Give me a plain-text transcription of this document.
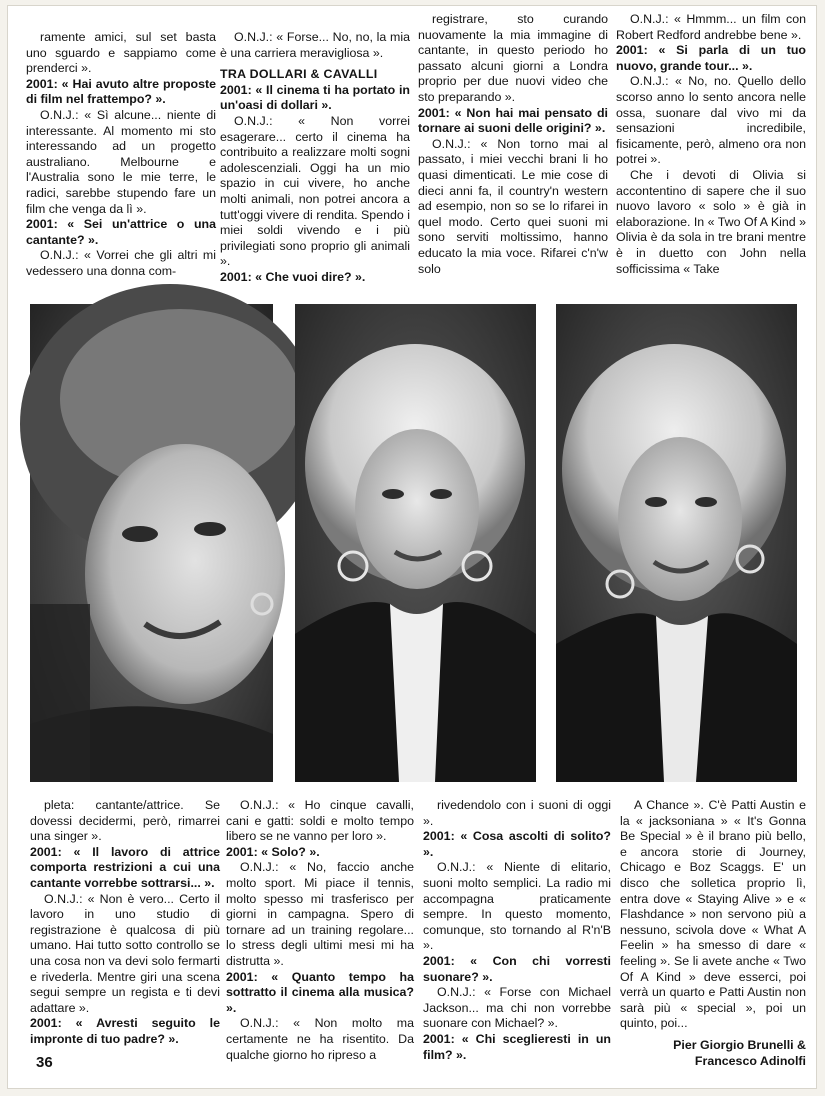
ramente amici, sul set basta uno sguardo e sappiamo come prenderci ».

2001: « Hai avuto altre proposte di film nel frattempo? ».

O.N.J.: « Sì alcune... niente di interessante. Al momento mi sto interessando ad un progetto australiano. Melbourne e l'Australia sono le mie terre, le radici, sarebbe stupendo fare un film che venga da lì ».

2001: « Sei un'attrice o una cantante? ».

O.N.J.: « Vorrei che gli altri mi vedessero una donna com-

O.N.J.: « Forse... No, no, la mia è una carriera meravigliosa ».

TRA DOLLARI & CAVALLI

2001: « Il cinema ti ha portato in un'oasi di dollari ».

O.N.J.: « Non vorrei esagerare... certo il cinema ha contribuito a realizzare molti sogni adolescenziali. Oggi ha un mio spazio in cui vivere, ho anche molti animali, non potrei ancora a tutt'oggi vivere di rendita. Spendo i miei soldi vivendo e i più privilegiati sono proprio gli animali ».

2001: « Che vuoi dire? ».

registrare, sto curando nuovamente la mia immagine di cantante, in questo periodo ho passato alcuni giorni a Londra proprio per due nuovi video che sto preparando ».

2001: « Non hai mai pensato di tornare ai suoni delle origini? ».

O.N.J.: « Non torno mai al passato, i miei vecchi brani li ho quasi dimenticati. Le mie cose di dieci anni fa, il country'n western ad esempio, non so se lo rifarei in quel modo. Certo quei suoni mi sono serviti moltissimo, hanno educato la mia voce. Rifarei c'n'w solo

O.N.J.: « Hmmm... un film con Robert Redford andrebbe bene ».

2001: « Si parla di un tuo nuovo, grande tour... ».

O.N.J.: « No, no. Quello dello scorso anno lo sento ancora nelle ossa, suonare dal vivo mi da sensazioni incredibile, fisicamente, però, almeno ora non potrei ».

Che i devoti di Olivia si accontentino di sapere che il suo nuovo lavoro « solo » è già in elaborazione. In « Two Of A Kind » Olivia è da sola in tre brani mentre è in duetto con John nella sofficissima « Take

pleta: cantante/attrice. Se dovessi decidermi, però, rimarrei una singer ».

2001: « Il lavoro di attrice comporta restrizioni a cui una cantante vorrebbe sottrarsi... ».

O.N.J.: « Non è vero... Certo il lavoro in uno studio di registrazione è qualcosa di più umano. Hai tutto sotto controllo se una cosa non va devi solo fermarti e rivederla. Mentre giri una scena segui sempre un regista e ti devi adattare ».

2001: « Avresti seguito le impronte di tuo padre? ».

O.N.J.: « Ho cinque cavalli, cani e gatti: soldi e molto tempo libero se ne vanno per loro ».

2001: « Solo? ».

O.N.J.: « No, faccio anche molto sport. Mi piace il tennis, molto spesso mi trasferisco per giorni in campagna. Spero di tornare ad un training regolare... lo stress degli ultimi mesi mi ha distrutta ».

2001: « Quanto tempo ha sottratto il cinema alla musica? ».

O.N.J.: « Non molto ma certamente ne ha risentito. Da qualche giorno ho ripreso a

rivedendolo con i suoni di oggi ».

2001: « Cosa ascolti di solito? ».

O.N.J.: « Niente di elitario, suoni molto semplici. La radio mi accompagna praticamente sempre. In questo momento, comunque, sto tornando al R'n'B ».

2001: « Con chi vorresti suonare? ».

O.N.J.: « Forse con Michael Jackson... ma chi non vorrebbe suonare con Michael? ».

2001: « Chi sceglieresti in un film? ».

A Chance ». C'è Patti Austin e la « jacksoniana » « It's Gonna Be Special » è il brano più bello, e ancora storie di Journey, Chicago e Boz Scaggs. E' un disco che solletica proprio lì, entra dove « Staying Alive » e « Flashdance » non servono più a nessuno, scivola dove « What A Feelin » ha smesso di dare « feeling ». Se li avete anche « Two Of A Kind » deve esserci, poi verrà un quarto e Patti Austin non sarà più « special », poi un quinto, poi...

Pier Giorgio Brunelli & Francesco Adinolfi

36
